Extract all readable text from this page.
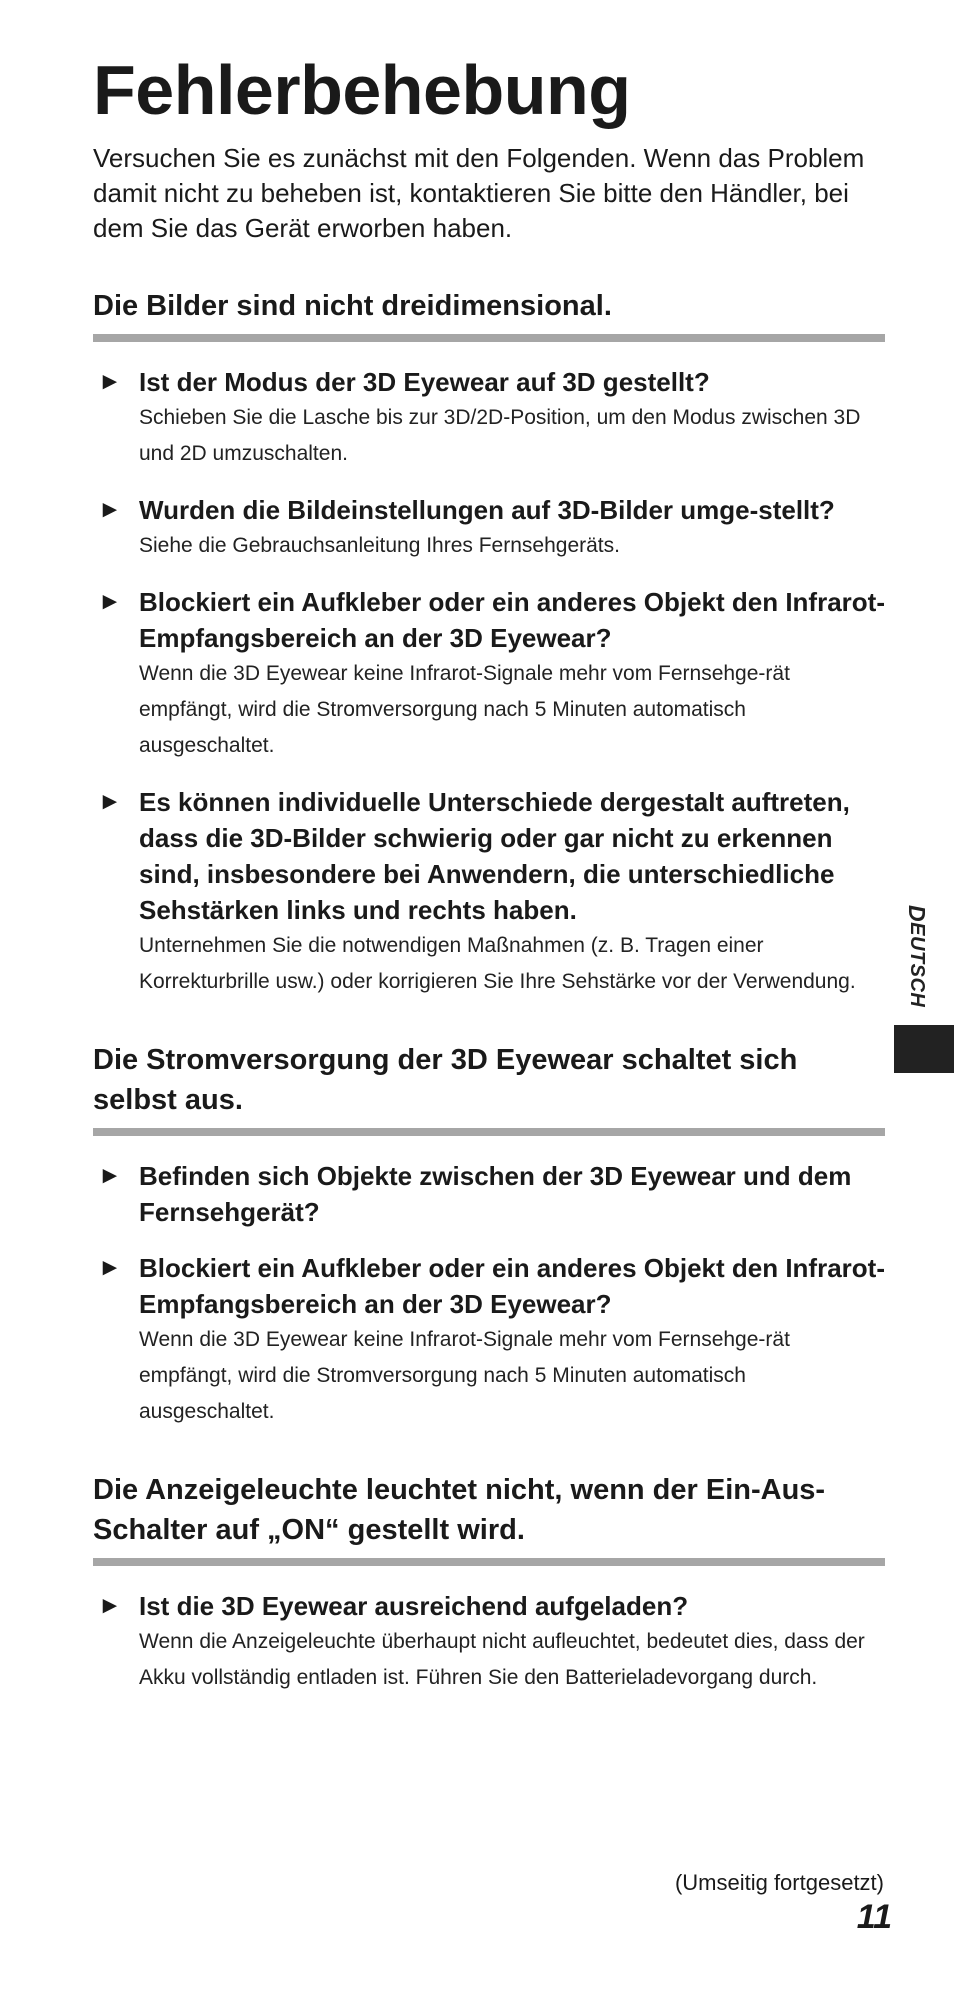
Fehlerbehebung

Versuchen Sie es zunächst mit den Folgenden. Wenn das Problem damit nicht zu beheben ist, kontaktieren Sie bitte den Händler, bei dem Sie das Gerät erworben haben.

Die Bilder sind nicht dreidimensional.
► Ist der Modus der 3D Eyewear auf 3D gestellt?
Schieben Sie die Lasche bis zur 3D/2D-Position, um den Modus zwischen 3D und 2D umzuschalten.
► Wurden die Bildeinstellungen auf 3D-Bilder umge-stellt?
Siehe die Gebrauchsanleitung Ihres Fernsehgeräts.
► Blockiert ein Aufkleber oder ein anderes Objekt den Infrarot-Empfangsbereich an der 3D Eyewear?
Wenn die 3D Eyewear keine Infrarot-Signale mehr vom Fernsehge-rät empfängt, wird die Stromversorgung nach 5 Minuten automatisch ausgeschaltet.
► Es können individuelle Unterschiede dergestalt auftreten, dass die 3D-Bilder schwierig oder gar nicht zu erkennen sind, insbesondere bei Anwendern, die unterschiedliche Sehstärken links und rechts haben.
Unternehmen Sie die notwendigen Maßnahmen (z. B. Tragen einer Korrekturbrille usw.) oder korrigieren Sie Ihre Sehstärke vor der Verwendung.
Die Stromversorgung der 3D Eyewear schaltet sich selbst aus.
► Befinden sich Objekte zwischen der 3D Eyewear und dem Fernsehgerät?
► Blockiert ein Aufkleber oder ein anderes Objekt den Infrarot-Empfangsbereich an der 3D Eyewear?
Wenn die 3D Eyewear keine Infrarot-Signale mehr vom Fernsehge-rät empfängt, wird die Stromversorgung nach 5 Minuten automatisch ausgeschaltet.
Die Anzeigeleuchte leuchtet nicht, wenn der Ein-Aus-Schalter auf „ON“ gestellt wird.
► Ist die 3D Eyewear ausreichend aufgeladen?
Wenn die Anzeigeleuchte überhaupt nicht aufleuchtet, bedeutet dies, dass der Akku vollständig entladen ist. Führen Sie den Batterieladevorgang durch.
DEUTSCH
(Umseitig fortgesetzt)
11
